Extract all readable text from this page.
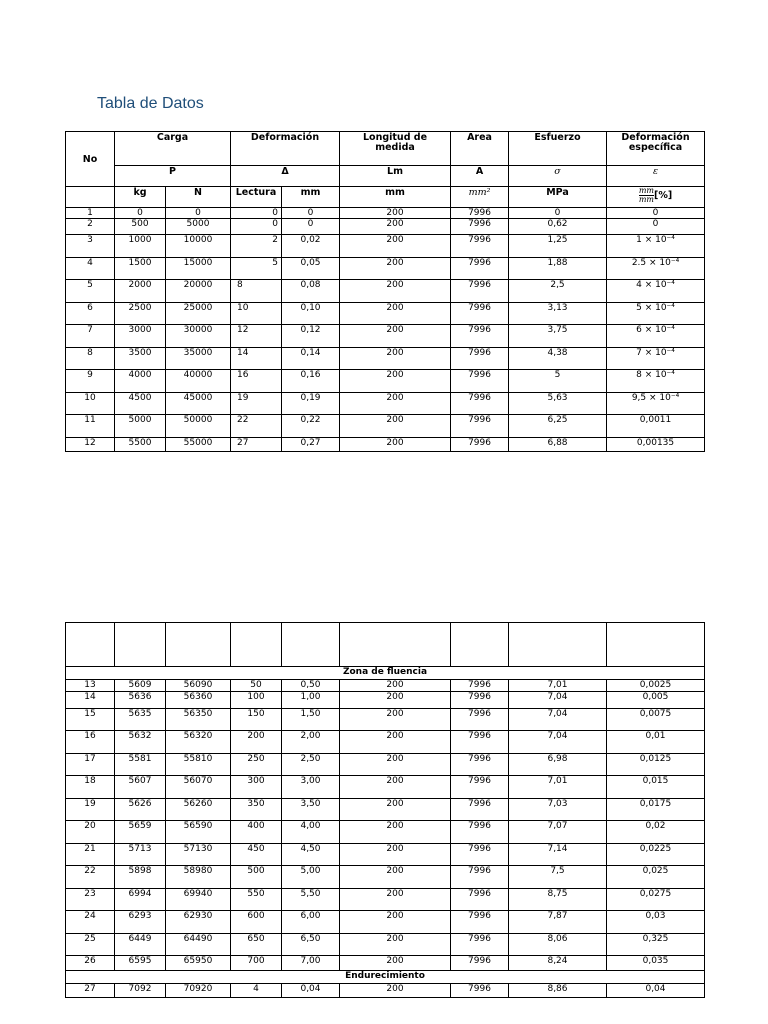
Tabla de Datos
No	Carga		Deformación		Longitud de medida	Area	Esfuerzo	Deformación específica
	P		Δ		Lm	A	σ	ε
	kg	N	Lectura	mm	mm	mm²	MPa	$\frac{mm}{mm}$ [%]
1	0	0	0	0	200	7996	0	0
2	500	5000	0	0	200	7996	0,62	0
3	1000	10000	2	0,02	200	7996	1,25	1 × 10⁻⁴
4	1500	15000	5	0,05	200	7996	1,88	2.5 × 10⁻⁴
5	2000	20000	8	0,08	200	7996	2,5	4 × 10⁻⁴
6	2500	25000	10	0,10	200	7996	3,13	5 × 10⁻⁴
7	3000	30000	12	0,12	200	7996	3,75	6 × 10⁻⁴
8	3500	35000	14	0,14	200	7996	4,38	7 × 10⁻⁴
9	4000	40000	16	0,16	200	7996	5	8 × 10⁻⁴
10	4500	45000	19	0,19	200	7996	5,63	9,5 × 10⁻⁴
11	5000	50000	22	0,22	200	7996	6,25	0,0011
12	5500	55000	27	0,27	200	7996	6,88	0,00135

Zona de fluencia								
13	5609	56090	50	0,50	200	7996	7,01	0,0025
14	5636	56360	100	1,00	200	7996	7,04	0,005
15	5635	56350	150	1,50	200	7996	7,04	0,0075
16	5632	56320	200	2,00	200	7996	7,04	0,01
17	5581	55810	250	2,50	200	7996	6,98	0,0125
18	5607	56070	300	3,00	200	7996	7,01	0,015
19	5626	56260	350	3,50	200	7996	7,03	0,0175
20	5659	56590	400	4,00	200	7996	7,07	0,02
21	5713	57130	450	4,50	200	7996	7,14	0,0225
22	5898	58980	500	5,00	200	7996	7,5	0,025
23	6994	69940	550	5,50	200	7996	8,75	0,0275
24	6293	62930	600	6,00	200	7996	7,87	0,03
25	6449	64490	650	6,50	200	7996	8,06	0,325
26	6595	65950	700	7,00	200	7996	8,24	0,035
Endurecimiento								
27	7092	70920	4	0,04	200	7996	8,86	0,04
